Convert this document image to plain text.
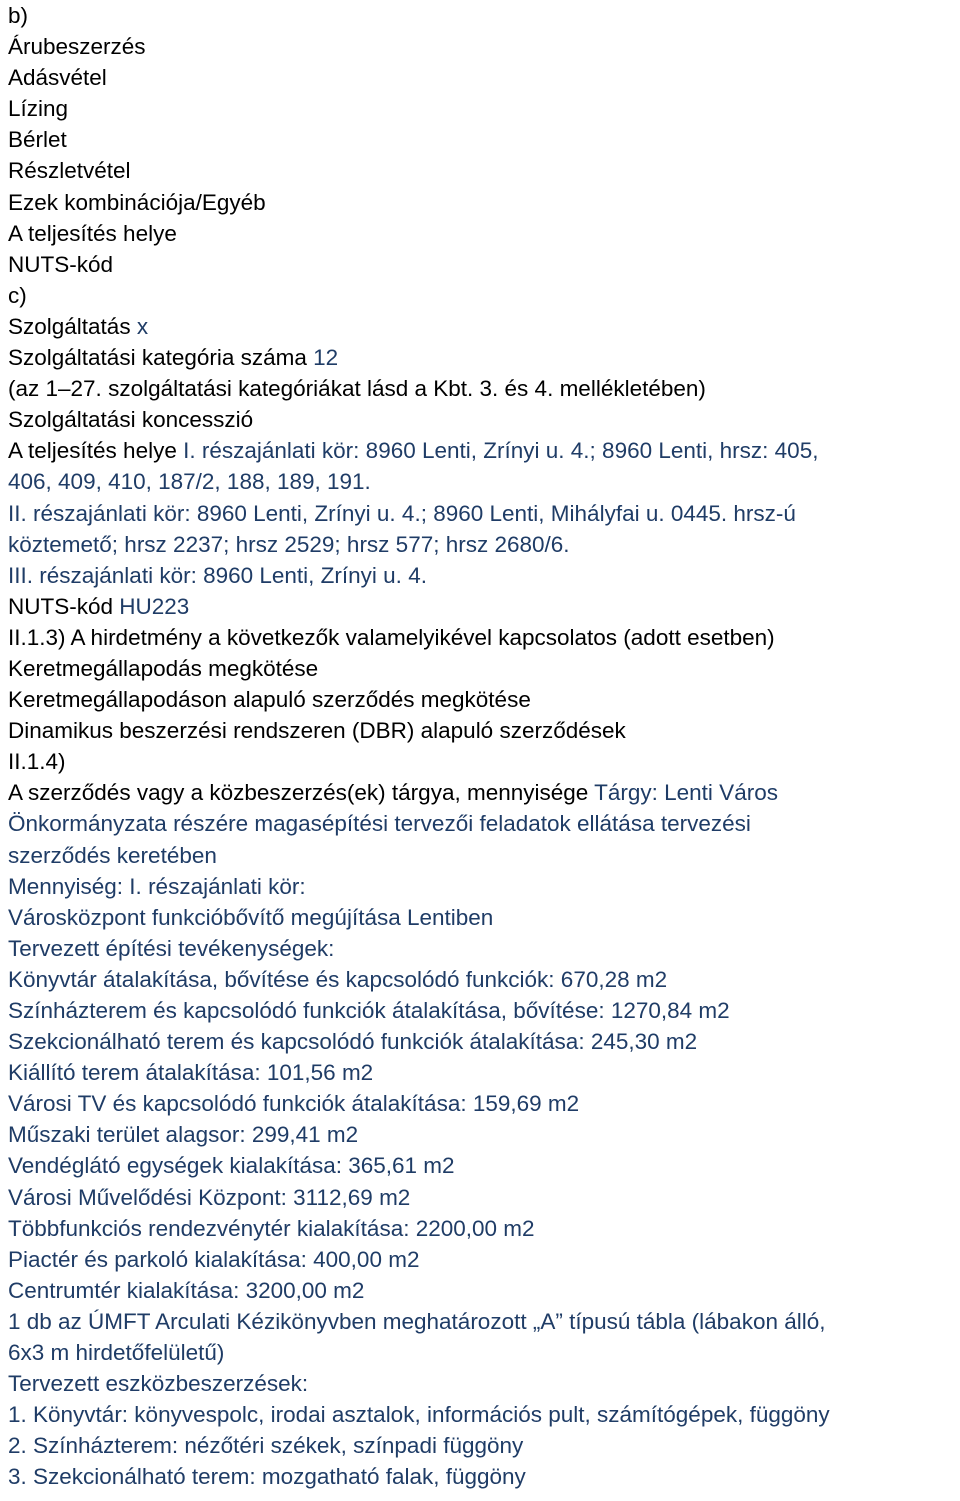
b)
Árubeszerzés
Adásvétel
Lízing
Bérlet
Részletvétel
Ezek kombinációja/Egyéb
A teljesítés helye
NUTS-kód
c)
Szolgáltatás x
Szolgáltatási kategória száma 12
(az 1–27. szolgáltatási kategóriákat lásd a Kbt. 3. és 4. mellékletében)
Szolgáltatási koncesszió
A teljesítés helye I. részajánlati kör: 8960 Lenti, Zrínyi u. 4.; 8960 Lenti, hrsz: 405,
406, 409, 410, 187/2, 188, 189, 191.
II. részajánlati kör: 8960 Lenti, Zrínyi u. 4.; 8960 Lenti, Mihályfai u. 0445. hrsz-ú
köztemető; hrsz 2237; hrsz 2529; hrsz 577; hrsz 2680/6.
III. részajánlati kör: 8960 Lenti, Zrínyi u. 4.
NUTS-kód HU223
II.1.3) A hirdetmény a következők valamelyikével kapcsolatos (adott esetben)
Keretmegállapodás megkötése
Keretmegállapodáson alapuló szerződés megkötése
Dinamikus beszerzési rendszeren (DBR) alapuló szerződések
II.1.4)
A szerződés vagy a közbeszerzés(ek) tárgya, mennyisége Tárgy: Lenti Város
Önkormányzata részére magasépítési tervezői feladatok ellátása tervezési
szerződés keretében
Mennyiség: I. részajánlati kör:
Városközpont funkcióbővítő megújítása Lentiben
Tervezett építési tevékenységek:
Könyvtár átalakítása, bővítése és kapcsolódó funkciók: 670,28 m2
Színházterem és kapcsolódó funkciók átalakítása, bővítése: 1270,84 m2
Szekcionálható terem és kapcsolódó funkciók átalakítása: 245,30 m2
Kiállító terem átalakítása: 101,56 m2
Városi TV és kapcsolódó funkciók átalakítása: 159,69 m2
Műszaki terület alagsor: 299,41 m2
Vendéglátó egységek kialakítása: 365,61 m2
Városi Művelődési Központ: 3112,69 m2
Többfunkciós rendezvénytér kialakítása: 2200,00 m2
Piactér és parkoló kialakítása: 400,00 m2
Centrumtér kialakítása: 3200,00 m2
1 db az ÚMFT Arculati Kézikönyvben meghatározott „A” típusú tábla (lábakon álló,
6x3 m hirdetőfelületű)
Tervezett eszközbeszerzések:
1. Könyvtár: könyvespolc, irodai asztalok, információs pult, számítógépek, függöny
2. Színházterem: nézőtéri székek, színpadi függöny
3. Szekcionálható terem: mozgatható falak, függöny
